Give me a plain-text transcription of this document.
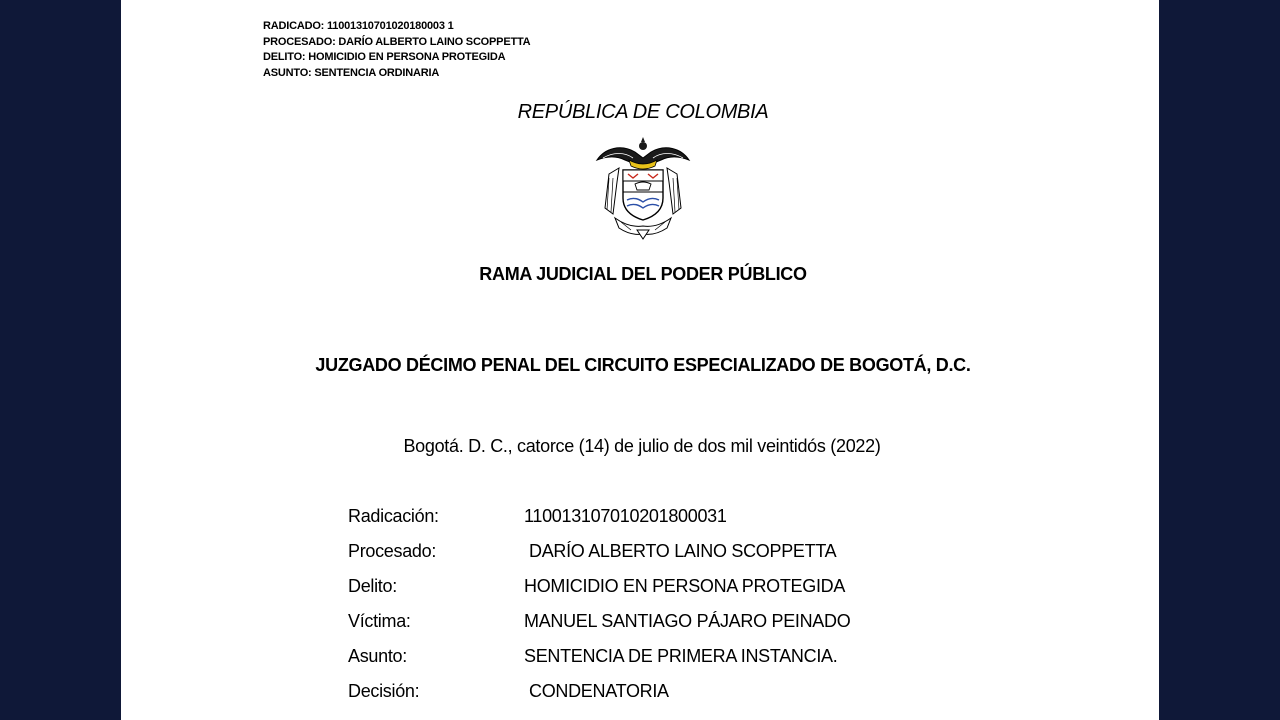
RADICADO: 11001310701020180003 1
PROCESADO: DARÍO ALBERTO LAINO SCOPPETTA
DELITO: HOMICIDIO EN PERSONA PROTEGIDA
ASUNTO: SENTENCIA ORDINARIA
REPÚBLICA DE COLOMBIA
RAMA JUDICIAL DEL PODER PÚBLICO
JUZGADO DÉCIMO PENAL DEL CIRCUITO ESPECIALIZADO DE BOGOTÁ, D.C.
Bogotá. D. C., catorce (14) de julio de dos mil veintidós (2022)
Radicación:	110013107010201800031
Procesado:	DARÍO ALBERTO LAINO SCOPPETTA
Delito:	HOMICIDIO EN PERSONA PROTEGIDA
Víctima:	MANUEL SANTIAGO PÁJARO PEINADO
Asunto:	SENTENCIA DE PRIMERA INSTANCIA.
Decisión:	CONDENATORIA
